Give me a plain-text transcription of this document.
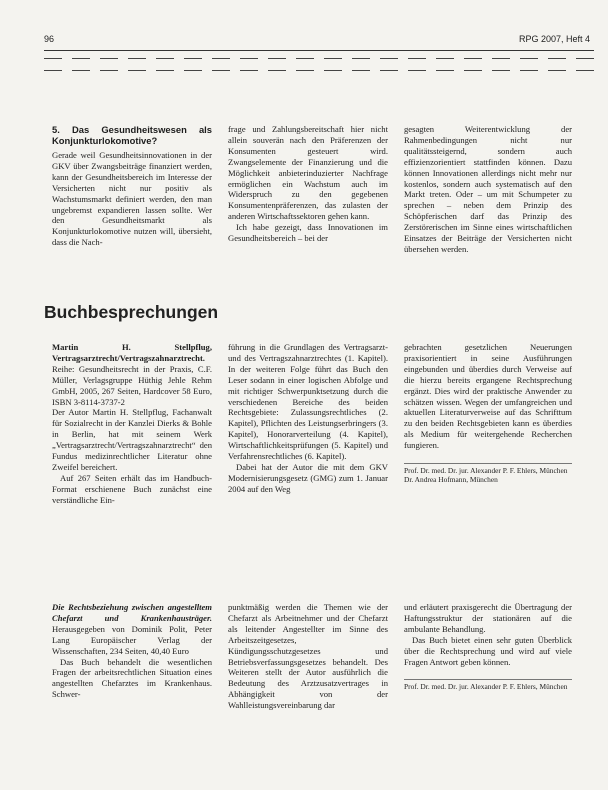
96	RPG 2007, Heft 4
5. Das Gesundheitswesen als Konjunkturlokomotive?

Gerade weil Gesundheitsinnovationen in der GKV über Zwangsbeiträge finanziert werden, kann der Gesundheitsbereich im Interesse der Versicherten nicht nur positiv als Wachstumsmarkt definiert werden, den man ungebremst expandieren lassen sollte. Wer den Gesundheitsmarkt als Konjunkturlokomotive nutzen will, übersieht, dass die Nach-

frage und Zahlungsbereitschaft hier nicht allein souverän nach den Präferenzen der Konsumenten gesteuert wird. Zwangselemente der Finanzierung und die Möglichkeit anbieterinduzierter Nachfrage ermöglichen ein Wachstum auch im Widerspruch zu den gegebenen Konsumentenpräferenzen, das zulasten der anderen Wirtschaftssektoren gehen kann.

Ich habe gezeigt, dass Innovationen im Gesundheitsbereich – bei der

gesagten Weiterentwicklung der Rahmenbedingungen nicht nur qualitätssteigernd, sondern auch effizienzorientiert stattfinden können. Dazu können Innovationen allerdings nicht mehr nur kostenlos, sondern auch systematisch auf den Markt treten. Oder – um mit Schumpeter zu sprechen – neben dem Prinzip des Schöpferischen darf das Prinzip des Zerstörerischen im Sinne eines wirtschaftlichen Einsatzes der Beiträge der Versicherten nicht übersehen werden.

Buchbesprechungen

Martin H. Stellpflug, Vertragsarztrecht/Vertragszahnarztrecht. Reihe: Gesundheitsrecht in der Praxis, C.F. Müller, Verlagsgruppe Hüthig Jehle Rehm GmbH, 2005, 267 Seiten, Hardcover 58 Euro, ISBN 3-8114-3737-2

Der Autor Martin H. Stellpflug, Fachanwalt für Sozialrecht in der Kanzlei Dierks & Bohle in Berlin, hat mit seinem Werk „Vertragsarztrecht/Vertragszahnarztrecht“ den Fundus medizinrechtlicher Literatur ohne Zweifel bereichert.

Auf 267 Seiten erhält das im Handbuch-Format erschienene Buch zunächst eine verständliche Ein-

führung in die Grundlagen des Vertragsarzt- und des Vertragszahnarztrechtes (1. Kapitel). In der weiteren Folge führt das Buch den Leser sodann in einer logischen Abfolge und mit richtiger Schwerpunktsetzung durch die verschiedenen Bereiche des beiden Rechtsgebiete: Zulassungsrechtliches (2. Kapitel), Pflichten des Leistungserbringers (3. Kapitel), Honorarverteilung (4. Kapitel), Wirtschaftlichkeitsprüfungen (5. Kapitel) und Verfahrensrechtliches (6. Kapitel).

Dabei hat der Autor die mit dem GKV Modernisierungsgesetz (GMG) zum 1. Januar 2004 auf den Weg

gebrachten gesetzlichen Neuerungen praxisorientiert in seine Ausführungen eingebunden und überdies durch Verweise auf die hierzu bereits ergangene Rechtsprechung ergänzt. Dies wird der praktische Anwender zu schätzen wissen. Wegen der umfangreichen und aktuellen Literaturverweise auf das Schrifttum zu den beiden Rechtsgebieten kann es überdies als Medium für weitergehende Recherchen fungieren.

Prof. Dr. med. Dr. jur. Alexander P. F. Ehlers, München
Dr. Andrea Hofmann, München

Die Rechtsbeziehung zwischen angestelltem Chefarzt und Krankenhausträger. Herausgegeben von Dominik Polit, Peter Lang Europäischer Verlag der Wissenschaften, 234 Seiten, 40,40 Euro

Das Buch behandelt die wesentlichen Fragen der arbeitsrechtlichen Situation eines angestellten Chefarztes im Krankenhaus. Schwer-

punktmäßig werden die Themen wie der Chefarzt als Arbeitnehmer und der Chefarzt als leitender Angestellter im Sinne des Arbeitszeitgesetzes, Kündigungsschutzgesetzes und Betriebsverfassungsgesetzes behandelt. Des Weiteren stellt der Autor ausführlich die Bedeutung des Arztzusatzvertrages in Abhängigkeit von der Wahlleistungsvereinbarung dar

und erläutert praxisgerecht die Übertragung der Haftungsstruktur der stationären auf die ambulante Behandlung.

Das Buch bietet einen sehr guten Überblick über die Rechtsprechung und wird auf viele Fragen Antwort geben können.

Prof. Dr. med. Dr. jur. Alexander P. F. Ehlers, München
